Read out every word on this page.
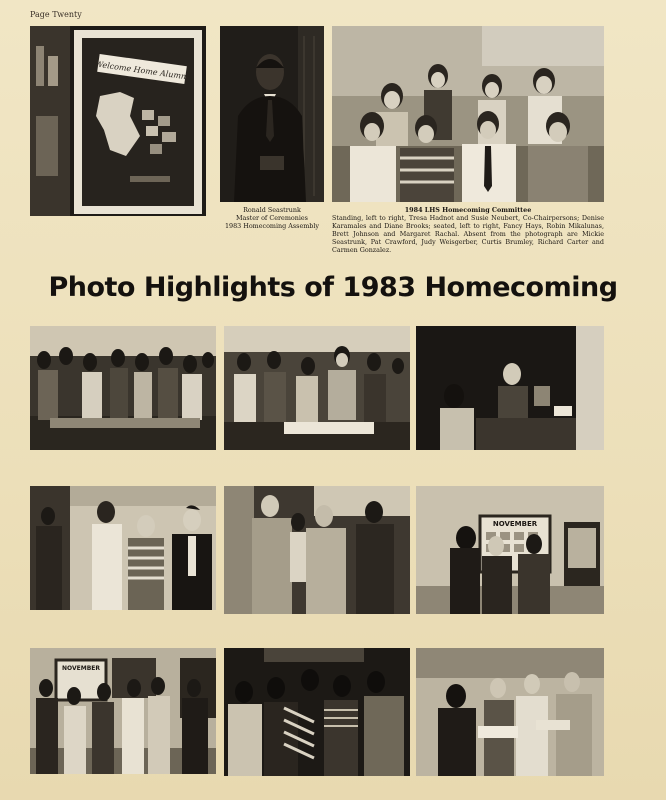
Page Twenty
Welcome Home Alumni
Ronald Seastrunk
Master of Ceremonies
1983 Homecoming Assembly
1984 LHS Homecoming Committee
Standing, left to right, Tresa Hadnot and Susie Neubert, Co-Chairpersons; Denise Karamales and Diane Brooks; seated, left to right, Fancy Hays, Robin Mikalunas, Brett Johnson and Margaret Rachal. Absent from the photograph are Mickie Seastrunk, Pat Crawford, Judy Weisgerber, Curtis Brumley, Richard Carter and Carmen Gonzalez.
Photo Highlights of 1983 Homecoming
NOVEMBER
NOVEMBER
